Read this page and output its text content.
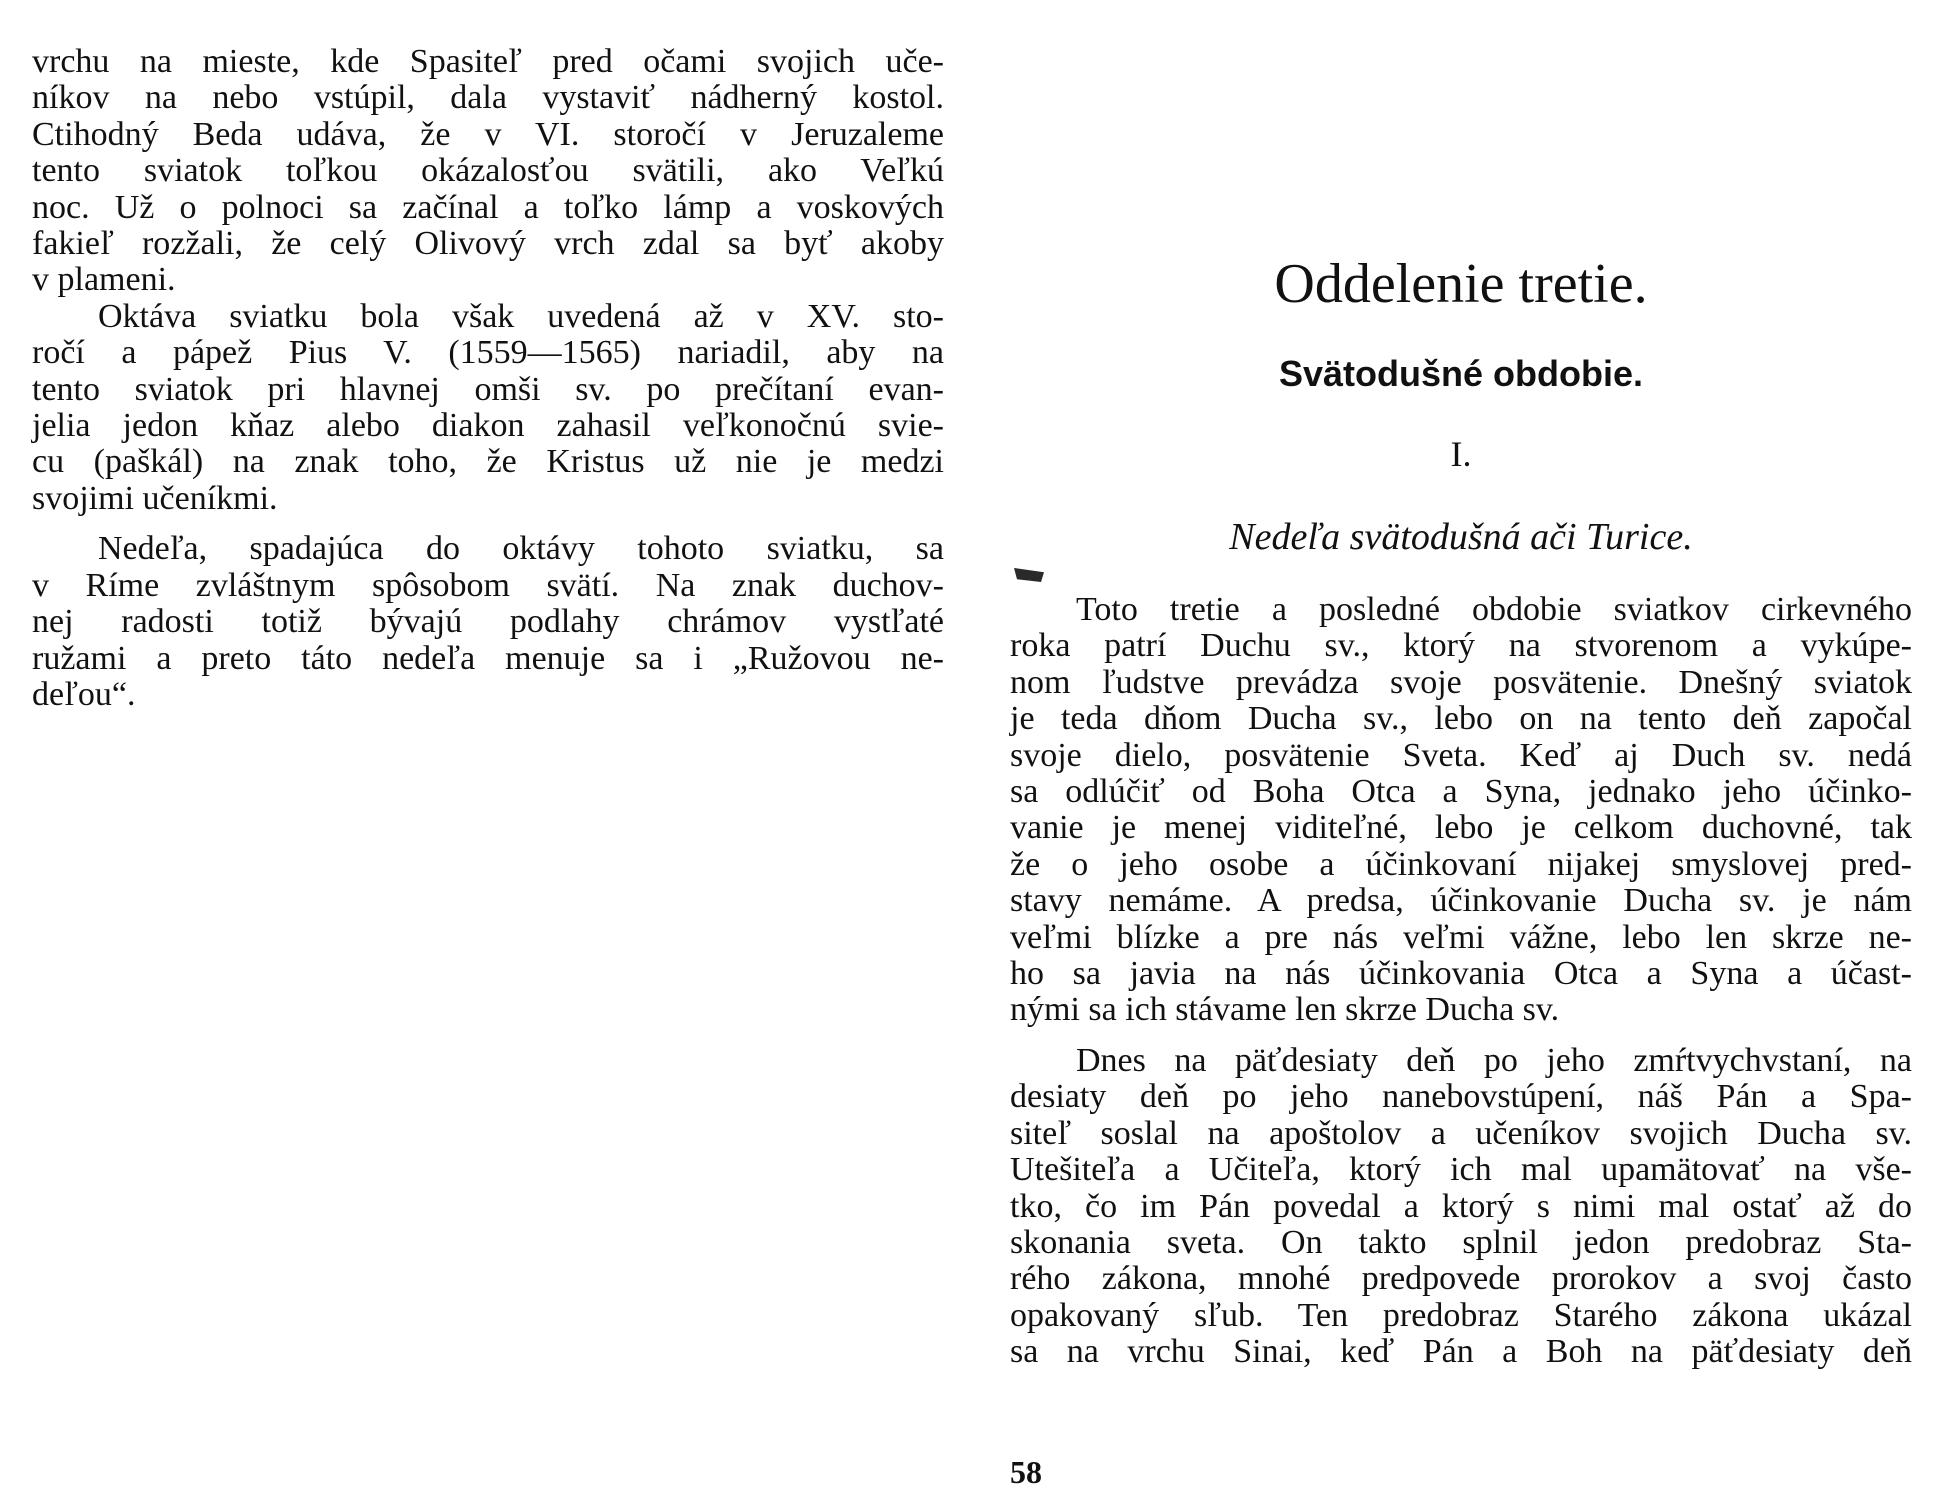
vrchu na mieste, kde Spasiteľ pred očami svojich uče-
níkov na nebo vstúpil, dala vystaviť nádherný kostol.
Ctihodný Beda udáva, že v VI. storočí v Jeruzaleme
tento sviatok toľkou okázalosťou svätili, ako Veľkú
noc. Už o polnoci sa začínal a toľko lámp a voskových
fakieľ rozžali, že celý Olivový vrch zdal sa byť akoby
v plameni.
Oktáva sviatku bola však uvedená až v XV. sto-
ročí a pápež Pius V. (1559—1565) nariadil, aby na
tento sviatok pri hlavnej omši sv. po prečítaní evan-
jelia jedon kňaz alebo diakon zahasil veľkonočnú svie-
cu (paškál) na znak toho, že Kristus už nie je medzi
svojimi učeníkmi.
Nedeľa, spadajúca do oktávy tohoto sviatku, sa
v Ríme zvláštnym spôsobom svätí. Na znak duchov-
nej radosti totiž bývajú podlahy chrámov vystľaté
ružami a preto táto nedeľa menuje sa i „Ružovou ne-
deľou“.
Oddelenie tretie.
Svätodušné obdobie.
I.
Nedeľa svätodušná ači Turice.
Toto tretie a posledné obdobie sviatkov cirkevného
roka patrí Duchu sv., ktorý na stvorenom a vykúpe-
nom ľudstve prevádza svoje posvätenie. Dnešný sviatok
je teda dňom Ducha sv., lebo on na tento deň započal
svoje dielo, posvätenie Sveta. Keď aj Duch sv. nedá
sa odlúčiť od Boha Otca a Syna, jednako jeho účinko-
vanie je menej viditeľné, lebo je celkom duchovné, tak
že o jeho osobe a účinkovaní nijakej smyslovej pred-
stavy nemáme. A predsa, účinkovanie Ducha sv. je nám
veľmi blízke a pre nás veľmi vážne, lebo len skrze ne-
ho sa javia na nás účinkovania Otca a Syna a účast-
nými sa ich stávame len skrze Ducha sv.
Dnes na päťdesiaty deň po jeho zmŕtvychvstaní, na
desiaty deň po jeho nanebovstúpení, náš Pán a Spa-
siteľ soslal na apoštolov a učeníkov svojich Ducha sv.
Utešiteľa a Učiteľa, ktorý ich mal upamätovať na vše-
tko, čo im Pán povedal a ktorý s nimi mal ostať až do
skonania sveta. On takto splnil jedon predobraz Sta-
rého zákona, mnohé predpovede prorokov a svoj často
opakovaný sľub. Ten predobraz Starého zákona ukázal
sa na vrchu Sinai, keď Pán a Boh na päťdesiaty deň
58
